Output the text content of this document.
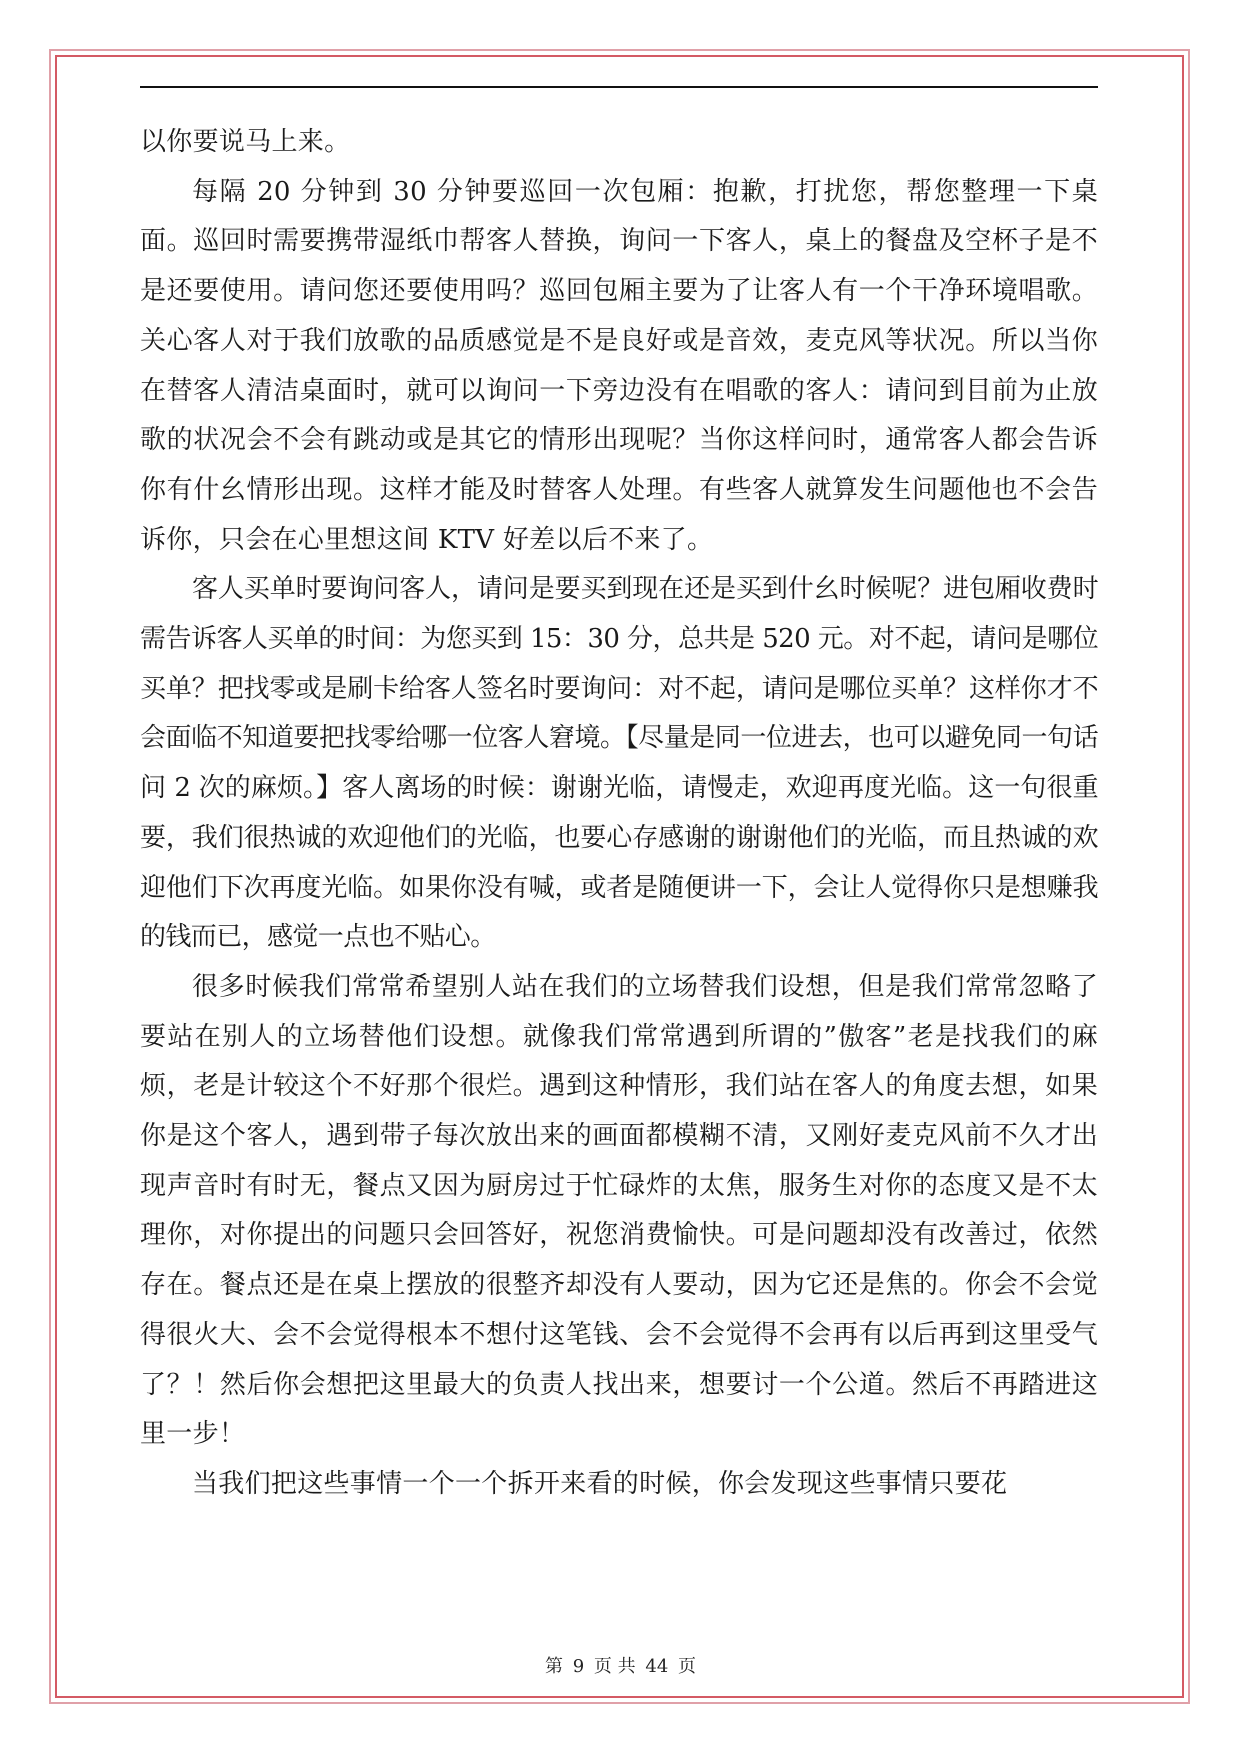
以你要说马上来。

每隔 20 分钟到 30 分钟要巡回一次包厢：抱歉，打扰您，帮您整理一下桌面。巡回时需要携带湿纸巾帮客人替换，询问一下客人，桌上的餐盘及空杯子是不是还要使用。请问您还要使用吗？巡回包厢主要为了让客人有一个干净环境唱歌。关心客人对于我们放歌的品质感觉是不是良好或是音效，麦克风等状况。所以当你在替客人清洁桌面时，就可以询问一下旁边没有在唱歌的客人：请问到目前为止放歌的状况会不会有跳动或是其它的情形出现呢？当你这样问时，通常客人都会告诉你有什幺情形出现。这样才能及时替客人处理。有些客人就算发生问题他也不会告诉你，只会在心里想这间 KTV 好差以后不来了。

客人买单时要询问客人，请问是要买到现在还是买到什幺时候呢？进包厢收费时需告诉客人买单的时间：为您买到 15：30 分，总共是 520 元。对不起，请问是哪位买单？把找零或是刷卡给客人签名时要询问：对不起，请问是哪位买单？这样你才不会面临不知道要把找零给哪一位客人窘境。【尽量是同一位进去，也可以避免同一句话问 2 次的麻烦。】客人离场的时候：谢谢光临，请慢走，欢迎再度光临。这一句很重要，我们很热诚的欢迎他们的光临，也要心存感谢的谢谢他们的光临，而且热诚的欢迎他们下次再度光临。如果你没有喊，或者是随便讲一下，会让人觉得你只是想赚我的钱而已，感觉一点也不贴心。

很多时候我们常常希望别人站在我们的立场替我们设想，但是我们常常忽略了要站在别人的立场替他们设想。就像我们常常遇到所谓的”傲客”老是找我们的麻烦，老是计较这个不好那个很烂。遇到这种情形，我们站在客人的角度去想，如果你是这个客人，遇到带子每次放出来的画面都模糊不清，又刚好麦克风前不久才出现声音时有时无，餐点又因为厨房过于忙碌炸的太焦，服务生对你的态度又是不太理你，对你提出的问题只会回答好，祝您消费愉快。可是问题却没有改善过，依然存在。餐点还是在桌上摆放的很整齐却没有人要动，因为它还是焦的。你会不会觉得很火大、会不会觉得根本不想付这笔钱、会不会觉得不会再有以后再到这里受气了？！然后你会想把这里最大的负责人找出来，想要讨一个公道。然后不再踏进这里一步！

当我们把这些事情一个一个拆开来看的时候，你会发现这些事情只要花

第 9 页 共 44 页
